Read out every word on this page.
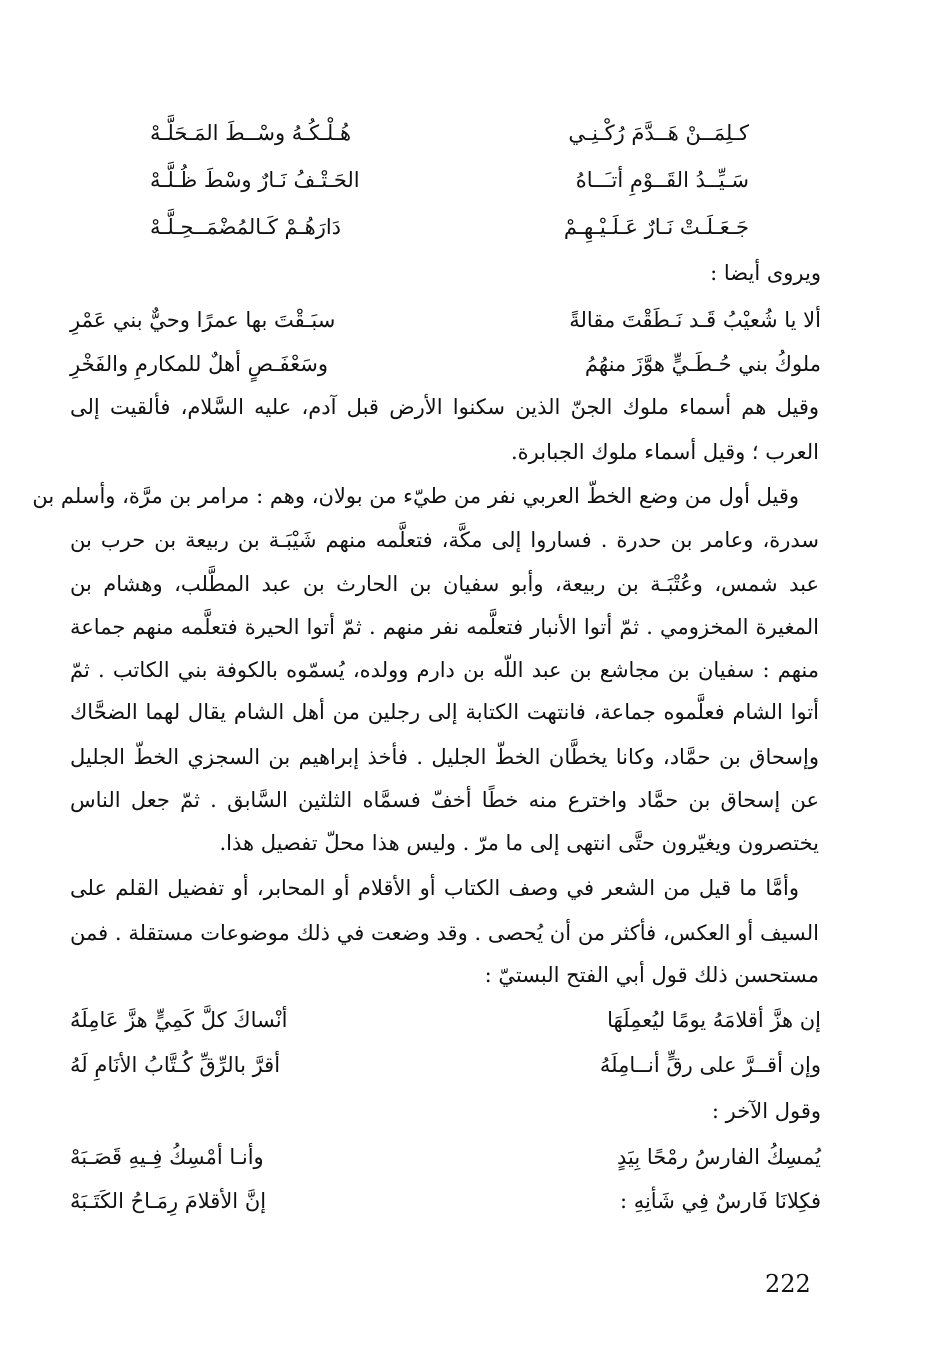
كـلِمَــنْ هَــدَّمَ رُكْـنِـي
هُـلْـكُـهُ وسْــطَ المَـحَلَّـهْ
سَـيِّــدُ القَــوْمِ أتـَــاهُ
الحَـتْـفُ نَـارٌ وسْطَ ظُـلَّـهْ
جَـعَـلَـتْ نَـارٌ عَـلَـيْـهِـمْ
دَارَهُـمْ كَـالمُضْمَــحِـلَّـهْ
ويروى أيضا :
ألا يا شُعيْبُ قَـد نَـطَقْتَ مقالةً
سبَـقْتَ بها عمرًا وحيٌّ بني عَمْرِ
ملوكُ بني حُـطَـيٍّ هوَّزَ منهُمُ
وسَعْفَـصٍ أهلٌ للمكارمِ والفَخْرِ
وقيل هم أسماء ملوك الجنّ الذين سكنوا الأرض قبل آدم، عليه السَّلام، فألقيت إلى
العرب ؛ وقيل أسماء ملوك الجبابرة.
وقيل أول من وضع الخطّ العربي نفر من طيّء من بولان، وهم : مرامر بن مرَّة، وأسلم بن
سدرة، وعامر بن حدرة . فساروا إلى مكَّة، فتعلَّمه منهم شَيْبَـة بن ربيعة بن حرب بن
عبد شمس، وعُتْبَـة بن ربيعة، وأبو سفيان بن الحارث بن عبد المطَّلب، وهشام بن
المغيرة المخزومي . ثمّ أتوا الأنبار فتعلَّمه نفر منهم . ثمّ أتوا الحيرة فتعلَّمه منهم جماعة
منهم : سفيان بن مجاشع بن عبد اللّه بن دارم وولده، يُسمّوه بالكوفة بني الكاتب . ثمّ
أتوا الشام فعلَّموه جماعة، فانتهت الكتابة إلى رجلين من أهل الشام يقال لهما الضحَّاك
وإسحاق بن حمَّاد، وكانا يخطَّان الخطّ الجليل . فأخذ إبراهيم بن السجزي الخطّ الجليل
عن إسحاق بن حمَّاد واخترع منه خطًا أخفّ فسمَّاه الثلثين السَّابق . ثمّ جعل الناس
يختصرون ويغيّرون حتَّى انتهى إلى ما مرّ . وليس هذا محلّ تفصيل هذا.
وأمَّا ما قيل من الشعر في وصف الكتاب أو الأقلام أو المحابر، أو تفضيل القلم على
السيف أو العكس، فأكثر من أن يُحصى . وقد وضعت في ذلك موضوعات مستقلة . فمن
مستحسن ذلك قول أبي الفتح البستيّ :
إن هزَّ أقلامَهُ يومًا ليُعمِلَهَا
أنْساكَ كلَّ كَمِيٍّ هزَّ عَامِلَهُ
وإن أقــرَّ على رقٍّ أنــامِلَهُ
أقرَّ بالرِّقِّ كُـتَّابُ الأنَامِ لَهُ
وقول الآخر :
يُمسِكُ الفارسُ رمْحًا بِيَدٍ
وأنـا أمْسِكُ فِـيهِ قَصَـبَهْ
فكِلانَا فَارسٌ فِي شَأنِهِ :
إنَّ الأقلامَ رِمَـاحُ الكَتَـبَهْ
222
